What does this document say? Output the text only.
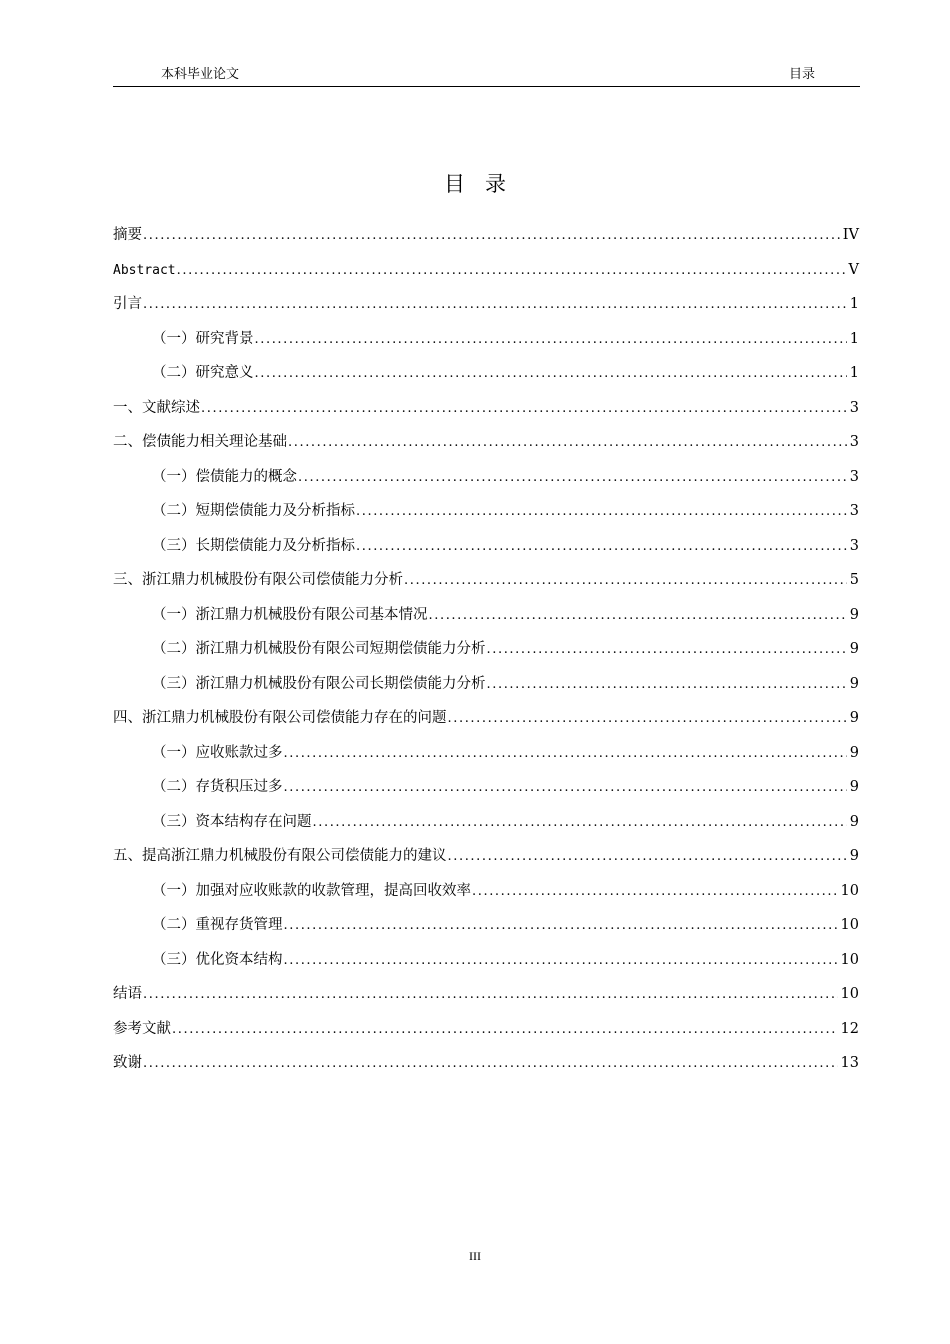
本科毕业论文	目录
目录
摘要 .....	IV
Abstract .....	V
引言 .....	1
（一）研究背景 .....	1
（二）研究意义 .....	1
一、文献综述 .....	3
二、偿债能力相关理论基础 .....	3
（一）偿债能力的概念 .....	3
（二）短期偿债能力及分析指标 .....	3
（三）长期偿债能力及分析指标 .....	3
三、浙江鼎力机械股份有限公司偿债能力分析 .....	5
（一）浙江鼎力机械股份有限公司基本情况 .....	9
（二）浙江鼎力机械股份有限公司短期偿债能力分析 .....	9
（三）浙江鼎力机械股份有限公司长期偿债能力分析 .....	9
四、浙江鼎力机械股份有限公司偿债能力存在的问题 .....	9
（一）应收账款过多 .....	9
（二）存货积压过多 .....	9
（三）资本结构存在问题 .....	9
五、提高浙江鼎力机械股份有限公司偿债能力的建议 .....	9
（一）加强对应收账款的收款管理，提高回收效率 .....	10
（二）重视存货管理 .....	10
（三）优化资本结构 .....	10
结语 .....	10
参考文献 .....	12
致谢 .....	13
III
